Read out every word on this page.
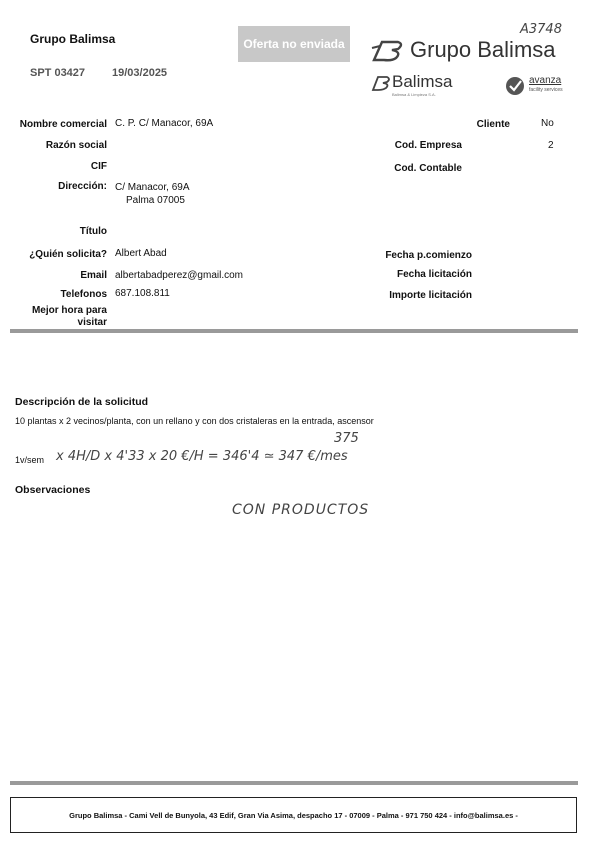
Grupo Balimsa
SPT 03427 19/03/2025
Oferta no enviada
A3748
Grupo Balimsa
Balimsa
Balimsa & Limpieza S.A.
avanza
facility services
Nombre comercial C. P. C/ Manacor, 69A
Razón social
CIF
Dirección: C/ Manacor, 69A
Palma 07005
Título
¿Quién solicita? Albert Abad
Email albertabadperez@gmail.com
Telefonos 687.108.811
Mejor hora para
visitar
Cliente	No
Cod. Empresa	2
Cod. Contable
Fecha p.comienzo
Fecha licitación
Importe licitación
Descripción de la solicitud
10 plantas x 2 vecinos/planta, con un rellano y con dos cristaleras en la entrada, ascensor
1v/sem x 4H/D x 4'33 x 20 €/H = 346'4 ≃ 347 €/mes
375
Observaciones
CON PRODUCTOS
Grupo Balimsa - Cami Vell de Bunyola, 43 Edif, Gran Via Asima, despacho 17 - 07009 - Palma - 971 750 424 - info@balimsa.es -
